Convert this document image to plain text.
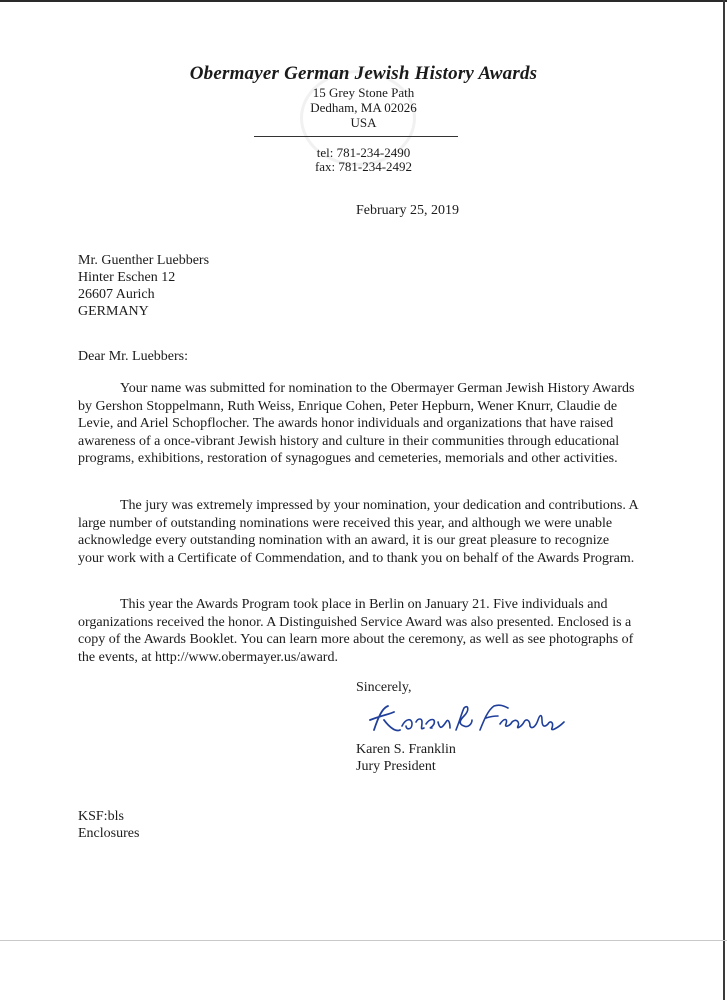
Obermayer German Jewish History Awards
15 Grey Stone Path
Dedham, MA 02026
USA
tel: 781-234-2490
fax: 781-234-2492
February 25, 2019
Mr. Guenther Luebbers
Hinter Eschen 12
26607 Aurich
GERMANY
Dear Mr. Luebbers:

Your name was submitted for nomination to the Obermayer German Jewish History Awards by Gershon Stoppelmann, Ruth Weiss, Enrique Cohen, Peter Hepburn, Wener Knurr, Claudie de Levie, and Ariel Schopflocher. The awards honor individuals and organizations that have raised awareness of a once-vibrant Jewish history and culture in their communities through educational programs, exhibitions, restoration of synagogues and cemeteries, memorials and other activities.

The jury was extremely impressed by your nomination, your dedication and contributions. A large number of outstanding nominations were received this year, and although we were unable acknowledge every outstanding nomination with an award, it is our great pleasure to recognize your work with a Certificate of Commendation, and to thank you on behalf of the Awards Program.

This year the Awards Program took place in Berlin on January 21. Five individuals and organizations received the honor. A Distinguished Service Award was also presented. Enclosed is a copy of the Awards Booklet. You can learn more about the ceremony, as well as see photographs of the events, at http://www.obermayer.us/award.

Sincerely,
Karen S. Franklin
Jury President
KSF:bls
Enclosures
